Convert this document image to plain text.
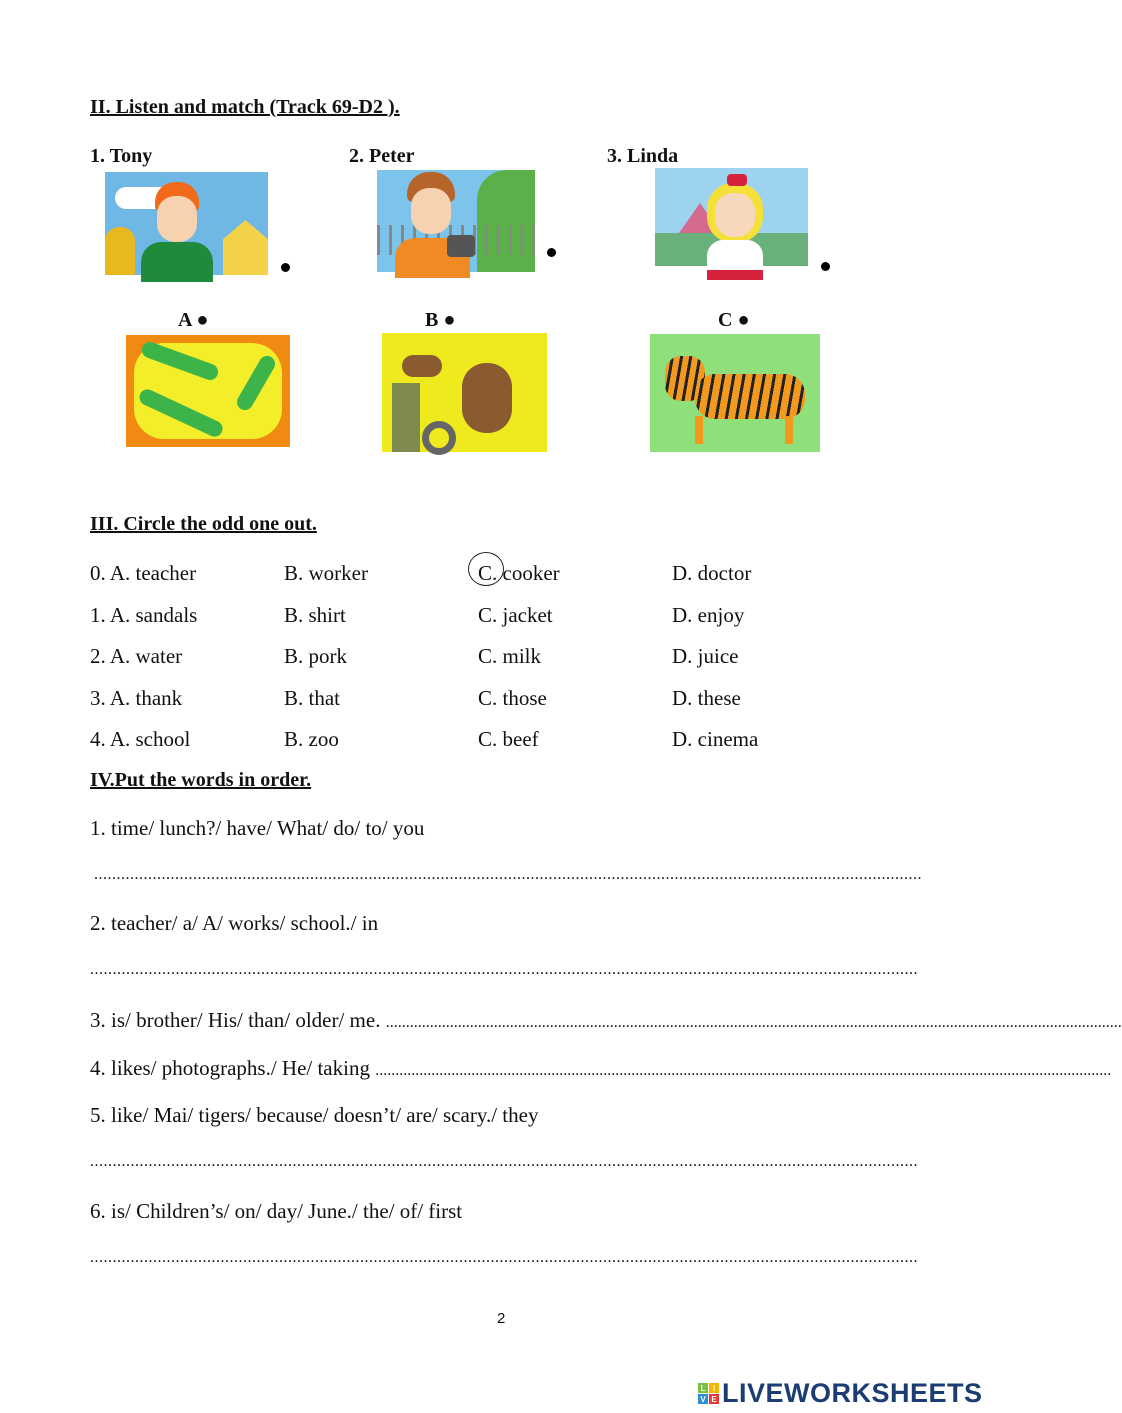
II. Listen and match (Track 69-D2 ).
1. Tony	2. Peter	3. Linda
A ●	B ●	C ●
III. Circle the odd one out.
0. A. teacher	B. worker	C. cooker	D. doctor
1. A. sandals	B. shirt	C. jacket	D. enjoy
2. A. water	B. pork	C. milk	D. juice
3. A. thank	B. that	C. those	D. these
4. A. school	B. zoo	C. beef	D. cinema
IV.Put the words in order.
1. time/ lunch?/ have/ What/ do/ to/ you
........................................................................................................................................................................................
2. teacher/ a/ A/ works/ school./ in
........................................................................................................................................................................................
3. is/ brother/ His/ than/ older/ me. ........................................................................................................................................................................................
4. likes/ photographs./ He/ taking ........................................................................................................................................................................................
5. like/ Mai/ tigers/ because/ doesn’t/ are/ scary./ they
........................................................................................................................................................................................
6. is/ Children’s/ on/ day/ June./ the/ of/ first
........................................................................................................................................................................................
2
L I
V E LIVEWORKSHEETS
